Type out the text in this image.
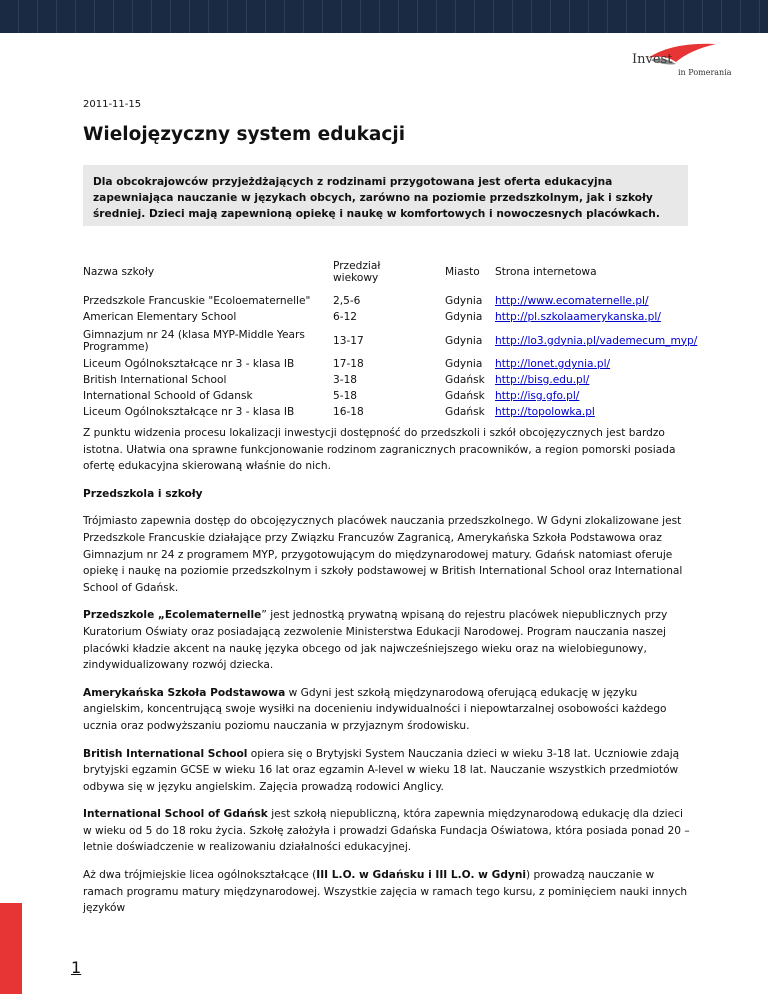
Invest
in Pomerania
2011-11-15
Wielojęzyczny system edukacji
Dla obcokrajowców przyjeżdżających z rodzinami przygotowana jest oferta edukacyjna zapewniająca nauczanie w językach obcych, zarówno na poziomie przedszkolnym, jak i szkoły średniej. Dzieci mają zapewnioną opiekę i naukę w komfortowych i nowoczesnych placówkach.
Nazwa szkoły	Przedział wiekowy	Miasto	Strona internetowa
Przedszkole Francuskie "Ecoloematernelle"	2,5-6	Gdynia	http://www.ecomaternelle.pl/
American Elementary School	6-12	Gdynia	http://pl.szkolaamerykanska.pl/
Gimnazjum nr 24 (klasa MYP-Middle Years Programme)	13-17	Gdynia	http://lo3.gdynia.pl/vademecum_myp/
Liceum Ogólnokształcące nr 3 - klasa IB	17-18	Gdynia	http://lonet.gdynia.pl/
British International School	3-18	Gdańsk	http://bisg.edu.pl/
International Schoold of Gdansk	5-18	Gdańsk	http://isg.gfo.pl/
Liceum Ogólnokształcące nr 3 - klasa IB	16-18	Gdańsk	http://topolowka.pl

Z punktu widzenia procesu lokalizacji inwestycji dostępność do przedszkoli i szkół obcojęzycznych jest bardzo istotna. Ułatwia ona sprawne funkcjonowanie rodzinom zagranicznych pracowników, a region pomorski posiada ofertę edukacyjna skierowaną właśnie do nich.

Przedszkola i szkoły

Trójmiasto zapewnia dostęp do obcojęzycznych placówek nauczania przedszkolnego. W Gdyni zlokalizowane jest Przedszkole Francuskie działające przy Związku Francuzów Zagranicą, Amerykańska Szkoła Podstawowa oraz Gimnazjum nr 24 z programem MYP, przygotowującym do międzynarodowej matury. Gdańsk natomiast oferuje opiekę i naukę na poziomie przedszkolnym i szkoły podstawowej w British International School oraz International School of Gdańsk.

Przedszkole „Ecolematernelle” jest jednostką prywatną wpisaną do rejestru placówek niepublicznych przy Kuratorium Oświaty oraz posiadającą zezwolenie Ministerstwa Edukacji Narodowej. Program nauczania naszej placówki kładzie akcent na naukę języka obcego od jak najwcześniejszego wieku oraz na wielobiegunowy, zindywidualizowany rozwój dziecka.

Amerykańska Szkoła Podstawowa w Gdyni jest szkołą międzynarodową oferującą edukację w języku angielskim, koncentrującą swoje wysiłki na docenieniu indywidualności i niepowtarzalnej osobowości każdego ucznia oraz podwyższaniu poziomu nauczania w przyjaznym środowisku.

British International School opiera się o Brytyjski System Nauczania dzieci w wieku 3-18 lat. Uczniowie zdają brytyjski egzamin GCSE w wieku 16 lat oraz egzamin A-level w wieku 18 lat. Nauczanie wszystkich przedmiotów odbywa się w języku angielskim. Zajęcia prowadzą rodowici Anglicy.

International School of Gdańsk jest szkołą niepubliczną, która zapewnia międzynarodową edukację dla dzieci w wieku od 5 do 18 roku życia. Szkołę założyła i prowadzi Gdańska Fundacja Oświatowa, która posiada ponad 20 – letnie doświadczenie w realizowaniu działalności edukacyjnej.

Aż dwa trójmiejskie licea ogólnokształcące (III L.O. w Gdańsku i III L.O. w Gdyni) prowadzą nauczanie w ramach programu matury międzynarodowej. Wszystkie zajęcia w ramach tego kursu, z pominięciem nauki innych języków

1
